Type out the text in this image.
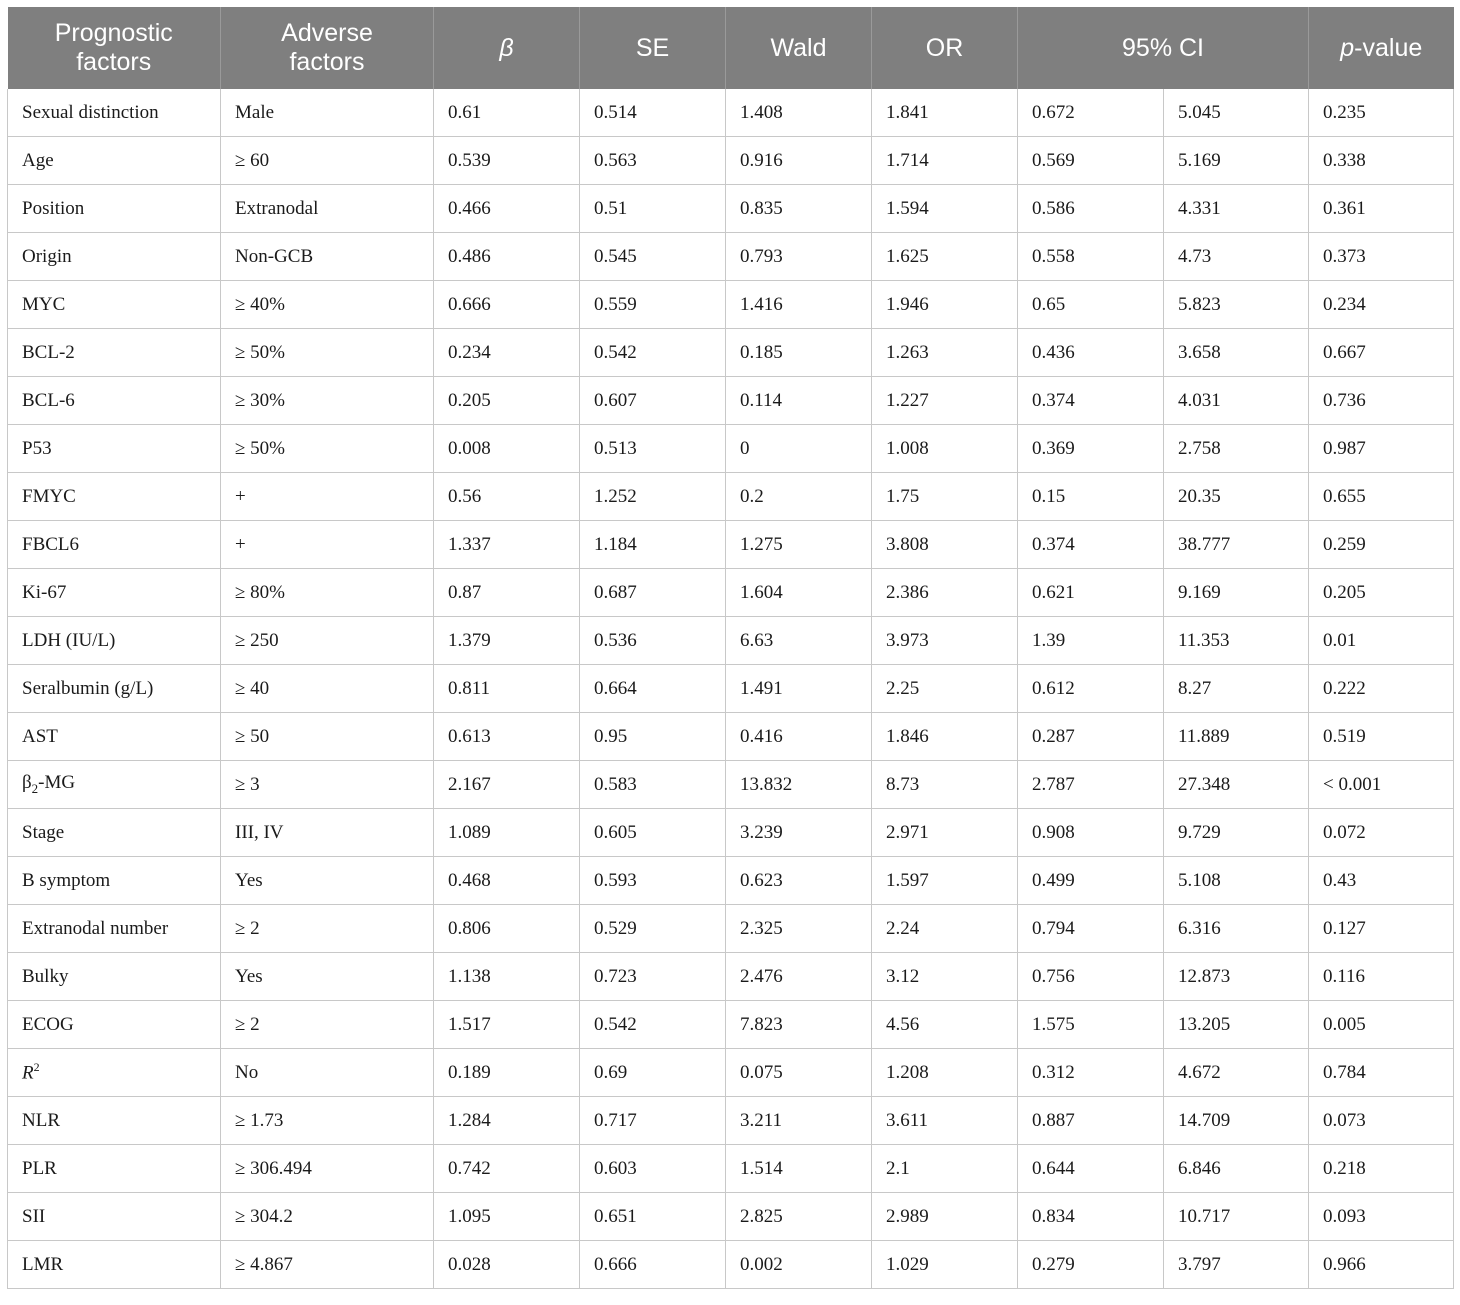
Prognostic
factors	Adverse
factors	β	SE	Wald	OR	95% CI		p-value
Sexual distinction	Male	0.61	0.514	1.408	1.841	0.672	5.045	0.235
Age	≥ 60	0.539	0.563	0.916	1.714	0.569	5.169	0.338
Position	Extranodal	0.466	0.51	0.835	1.594	0.586	4.331	0.361
Origin	Non-GCB	0.486	0.545	0.793	1.625	0.558	4.73	0.373
MYC	≥ 40%	0.666	0.559	1.416	1.946	0.65	5.823	0.234
BCL-2	≥ 50%	0.234	0.542	0.185	1.263	0.436	3.658	0.667
BCL-6	≥ 30%	0.205	0.607	0.114	1.227	0.374	4.031	0.736
P53	≥ 50%	0.008	0.513	0	1.008	0.369	2.758	0.987
FMYC	+	0.56	1.252	0.2	1.75	0.15	20.35	0.655
FBCL6	+	1.337	1.184	1.275	3.808	0.374	38.777	0.259
Ki-67	≥ 80%	0.87	0.687	1.604	2.386	0.621	9.169	0.205
LDH (IU/L)	≥ 250	1.379	0.536	6.63	3.973	1.39	11.353	0.01
Seralbumin (g/L)	≥ 40	0.811	0.664	1.491	2.25	0.612	8.27	0.222
AST	≥ 50	0.613	0.95	0.416	1.846	0.287	11.889	0.519
$\beta_2-MG$	≥ 3	2.167	0.583	13.832	8.73	2.787	27.348	< 0.001
Stage	III, IV	1.089	0.605	3.239	2.971	0.908	9.729	0.072
B symptom	Yes	0.468	0.593	0.623	1.597	0.499	5.108	0.43
Extranodal number	≥ 2	0.806	0.529	2.325	2.24	0.794	6.316	0.127
Bulky	Yes	1.138	0.723	2.476	3.12	0.756	12.873	0.116
ECOG	≥ 2	1.517	0.542	7.823	4.56	1.575	13.205	0.005
$R^2$	No	0.189	0.69	0.075	1.208	0.312	4.672	0.784
NLR	≥ 1.73	1.284	0.717	3.211	3.611	0.887	14.709	0.073
PLR	≥ 306.494	0.742	0.603	1.514	2.1	0.644	6.846	0.218
SII	≥ 304.2	1.095	0.651	2.825	2.989	0.834	10.717	0.093
LMR	≥ 4.867	0.028	0.666	0.002	1.029	0.279	3.797	0.966
